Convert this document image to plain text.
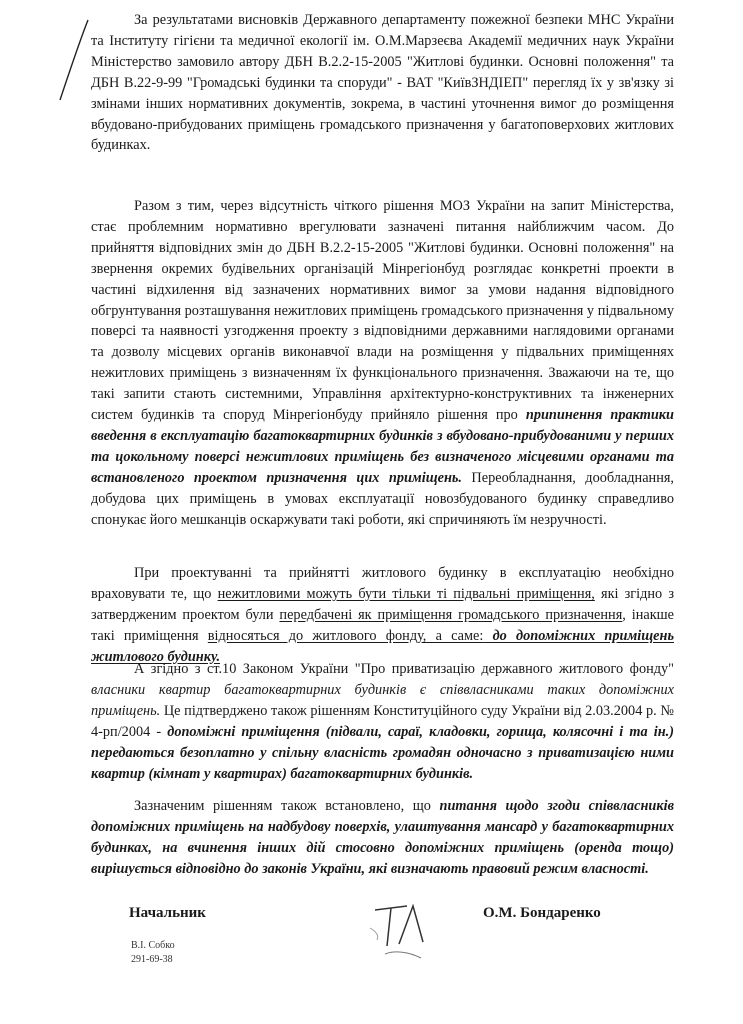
За результатами висновків Державного департаменту пожежної безпеки МНС України та Інституту гігієни та медичної екології ім. О.М.Марзеєва Академії медичних наук України Міністерство замовило автору ДБН В.2.2-15-2005 "Житлові будинки. Основні положення" та ДБН В.22-9-99 "Громадські будинки та споруди" - ВАТ "КиївЗНДІЕП" перегляд їх у зв'язку зі змінами інших нормативних документів, зокрема, в частині уточнення вимог до розміщення вбудовано-прибудованих приміщень громадського призначення у багатоповерхових житлових будинках.

Разом з тим, через відсутність чіткого рішення МОЗ України на запит Міністерства, стає проблемним нормативно врегулювати зазначені питання найближчим часом. До прийняття відповідних змін до ДБН В.2.2-15-2005 "Житлові будинки. Основні положення" на звернення окремих будівельних організацій Мінрегіонбуд розглядає конкретні проекти в частині відхилення від зазначених нормативних вимог за умови надання відповідного обгрунтування розташування нежитлових приміщень громадського призначення у підвальному поверсі та наявності узгодження проекту з відповідними державними наглядовими органами та дозволу місцевих органів виконавчої влади на розміщення у підвальних приміщеннях нежитлових приміщень з визначенням їх функціонального призначення. Зважаючи на те, що такі запити стають системними, Управління архітектурно-конструктивних та інженерних систем будинків та споруд Мінрегіонбуду прийняло рішення про припинення практики введення в експлуатацію багатоквартирних будинків з вбудовано-прибудованими у перших та цокольному поверсі нежитлових приміщень без визначеного місцевими органами та встановленого проектом призначення цих приміщень. Переобладнання, дообладнання, добудова цих приміщень в умовах експлуатації новозбудованого будинку справедливо спонукає його мешканців оскаржувати такі роботи, які спричиняють їм незручності.

При проектуванні та прийнятті житлового будинку в експлуатацію необхідно враховувати те, що нежитловими можуть бути тільки ті підвальні приміщення, які згідно з затвердженим проектом були передбачені як приміщення громадського призначення, інакше такі приміщення відносяться до житлового фонду, а саме: до допоміжних приміщень житлового будинку.

А згідно з ст.10 Законом України "Про приватизацію державного житлового фонду" власники квартир багатоквартирних будинків є співвласниками таких допоміжних приміщень. Це підтверджено також рішенням Конституційного суду України від 2.03.2004 р. № 4-рп/2004 - допоміжні приміщення (підвали, сараї, кладовки, горища, колясочні і та ін.) передаються безоплатно у спільну власність громадян одночасно з приватизацією ними квартир (кімнат у квартирах) багатоквартирних будинків.

Зазначеним рішенням також встановлено, що питання щодо згоди співвласників допоміжних приміщень на надбудову поверхів, улаштування мансард у багатоквартирних будинках, на вчинення інших дій стосовно допоміжних приміщень (оренда тощо) вирішується відповідно до законів України, які визначають правовий режим власності.

Начальник	О.М. Бондаренко
В.І. Собко
291-69-38
